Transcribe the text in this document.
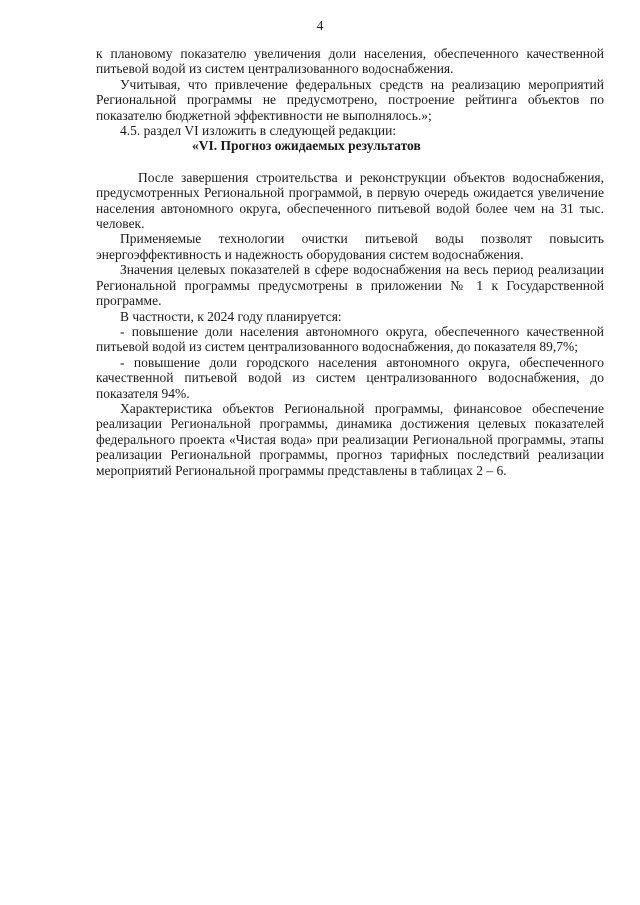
4

к плановому показателю увеличения доли населения, обеспеченного качественной питьевой водой из систем централизованного водоснабжения.

Учитывая, что привлечение федеральных средств на реализацию мероприятий Региональной программы не предусмотрено, построение рейтинга объектов по показателю бюджетной эффективности не выполнялось.»;

4.5. раздел VI изложить в следующей редакции:

«VI. Прогноз ожидаемых результатов

После завершения строительства и реконструкции объектов водоснабжения, предусмотренных Региональной программой, в первую очередь ожидается увеличение населения автономного округа, обеспеченного питьевой водой более чем на 31 тыс. человек.

Применяемые технологии очистки питьевой воды позволят повысить энергоэффективность и надежность оборудования систем водоснабжения.

Значения целевых показателей в сфере водоснабжения на весь период реализации Региональной программы предусмотрены в приложении № 1 к Государственной программе.

В частности, к 2024 году планируется:

- повышение доли населения автономного округа, обеспеченного качественной питьевой водой из систем централизованного водоснабжения, до показателя 89,7%;

- повышение доли городского населения автономного округа, обеспеченного качественной питьевой водой из систем централизованного водоснабжения, до показателя 94%.

Характеристика объектов Региональной программы, финансовое обеспечение реализации Региональной программы, динамика достижения целевых показателей федерального проекта «Чистая вода» при реализации Региональной программы, этапы реализации Региональной программы, прогноз тарифных последствий реализации мероприятий Региональной программы представлены в таблицах 2 – 6.
